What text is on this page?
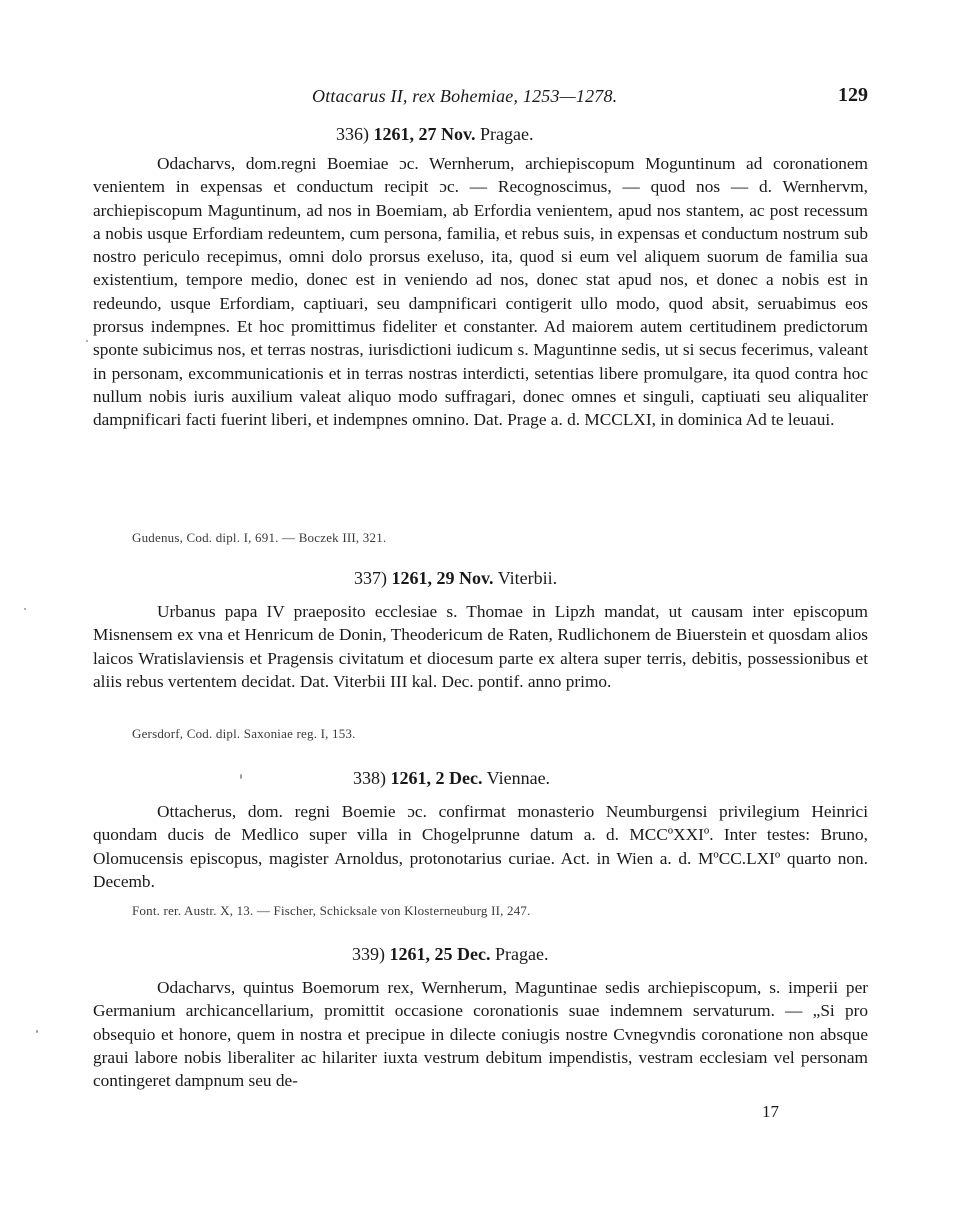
Ottacarus II, rex Bohemiae, 1253—1278.	129
336) 1261, 27 Nov. Pragae.

Odacharvs, dom.regni Boemiae ɔc. Wernherum, archiepiscopum Moguntinum ad coronationem venientem in expensas et conductum recipit ɔc. — Recognoscimus, — quod nos — d. Wernhervm, archiepiscopum Maguntinum, ad nos in Boemiam, ab Erfordia venientem, apud nos stantem, ac post recessum a nobis usque Erfordiam redeuntem, cum persona, familia, et rebus suis, in expensas et conductum nostrum sub nostro periculo recepimus, omni dolo prorsus exeluso, ita, quod si eum vel aliquem suorum de familia sua existentium, tempore medio, donec est in veniendo ad nos, donec stat apud nos, et donec a nobis est in redeundo, usque Erfordiam, captiuari, seu dampnificari contigerit ullo modo, quod absit, seruabimus eos prorsus indempnes. Et hoc promittimus fideliter et constanter. Ad maiorem autem certitudinem predictorum sponte subicimus nos, et terras nostras, iurisdictioni iudicum s. Maguntinne sedis, ut si secus fecerimus, valeant in personam, excommunicationis et in terras nostras interdicti, setentias libere promulgare, ita quod contra hoc nullum nobis iuris auxilium valeat aliquo modo suffragari, donec omnes et singuli, captiuati seu aliqualiter dampnificari facti fuerint liberi, et indempnes omnino. Dat. Prage a. d. MCCLXI, in dominica Ad te leuaui.

Gudenus, Cod. dipl. I, 691. — Boczek III, 321.
337) 1261, 29 Nov. Viterbii.

Urbanus papa IV praeposito ecclesiae s. Thomae in Lipzh mandat, ut causam inter episcopum Misnensem ex vna et Henricum de Donin, Theodericum de Raten, Rudlichonem de Biuerstein et quosdam alios laicos Wratislaviensis et Pragensis civitatum et diocesum parte ex altera super terris, debitis, possessionibus et aliis rebus vertentem decidat. Dat. Viterbii III kal. Dec. pontif. anno primo.

Gersdorf, Cod. dipl. Saxoniae reg. I, 153.
338) 1261, 2 Dec. Viennae.

Ottacherus, dom. regni Boemie ɔc. confirmat monasterio Neumburgensi privilegium Heinrici quondam ducis de Medlico super villa in Chogelprunne datum a. d. MCCºXXIº. Inter testes: Bruno, Olomucensis episcopus, magister Arnoldus, protonotarius curiae. Act. in Wien a. d. MºCC.LXIº quarto non. Decemb.

Font. rer. Austr. X, 13. — Fischer, Schicksale von Klosterneuburg II, 247.
339) 1261, 25 Dec. Pragae.

Odacharvs, quintus Boemorum rex, Wernherum, Maguntinae sedis archiepiscopum, s. imperii per Germanium archicancellarium, promittit occasione coronationis suae indemnem servaturum. — „Si pro obsequio et honore, quem in nostra et precipue in dilecte coniugis nostre Cvnegvndis coronatione non absque graui labore nobis liberaliter ac hilariter iuxta vestrum debitum impendistis, vestram ecclesiam vel personam contingeret dampnum seu de-

17
